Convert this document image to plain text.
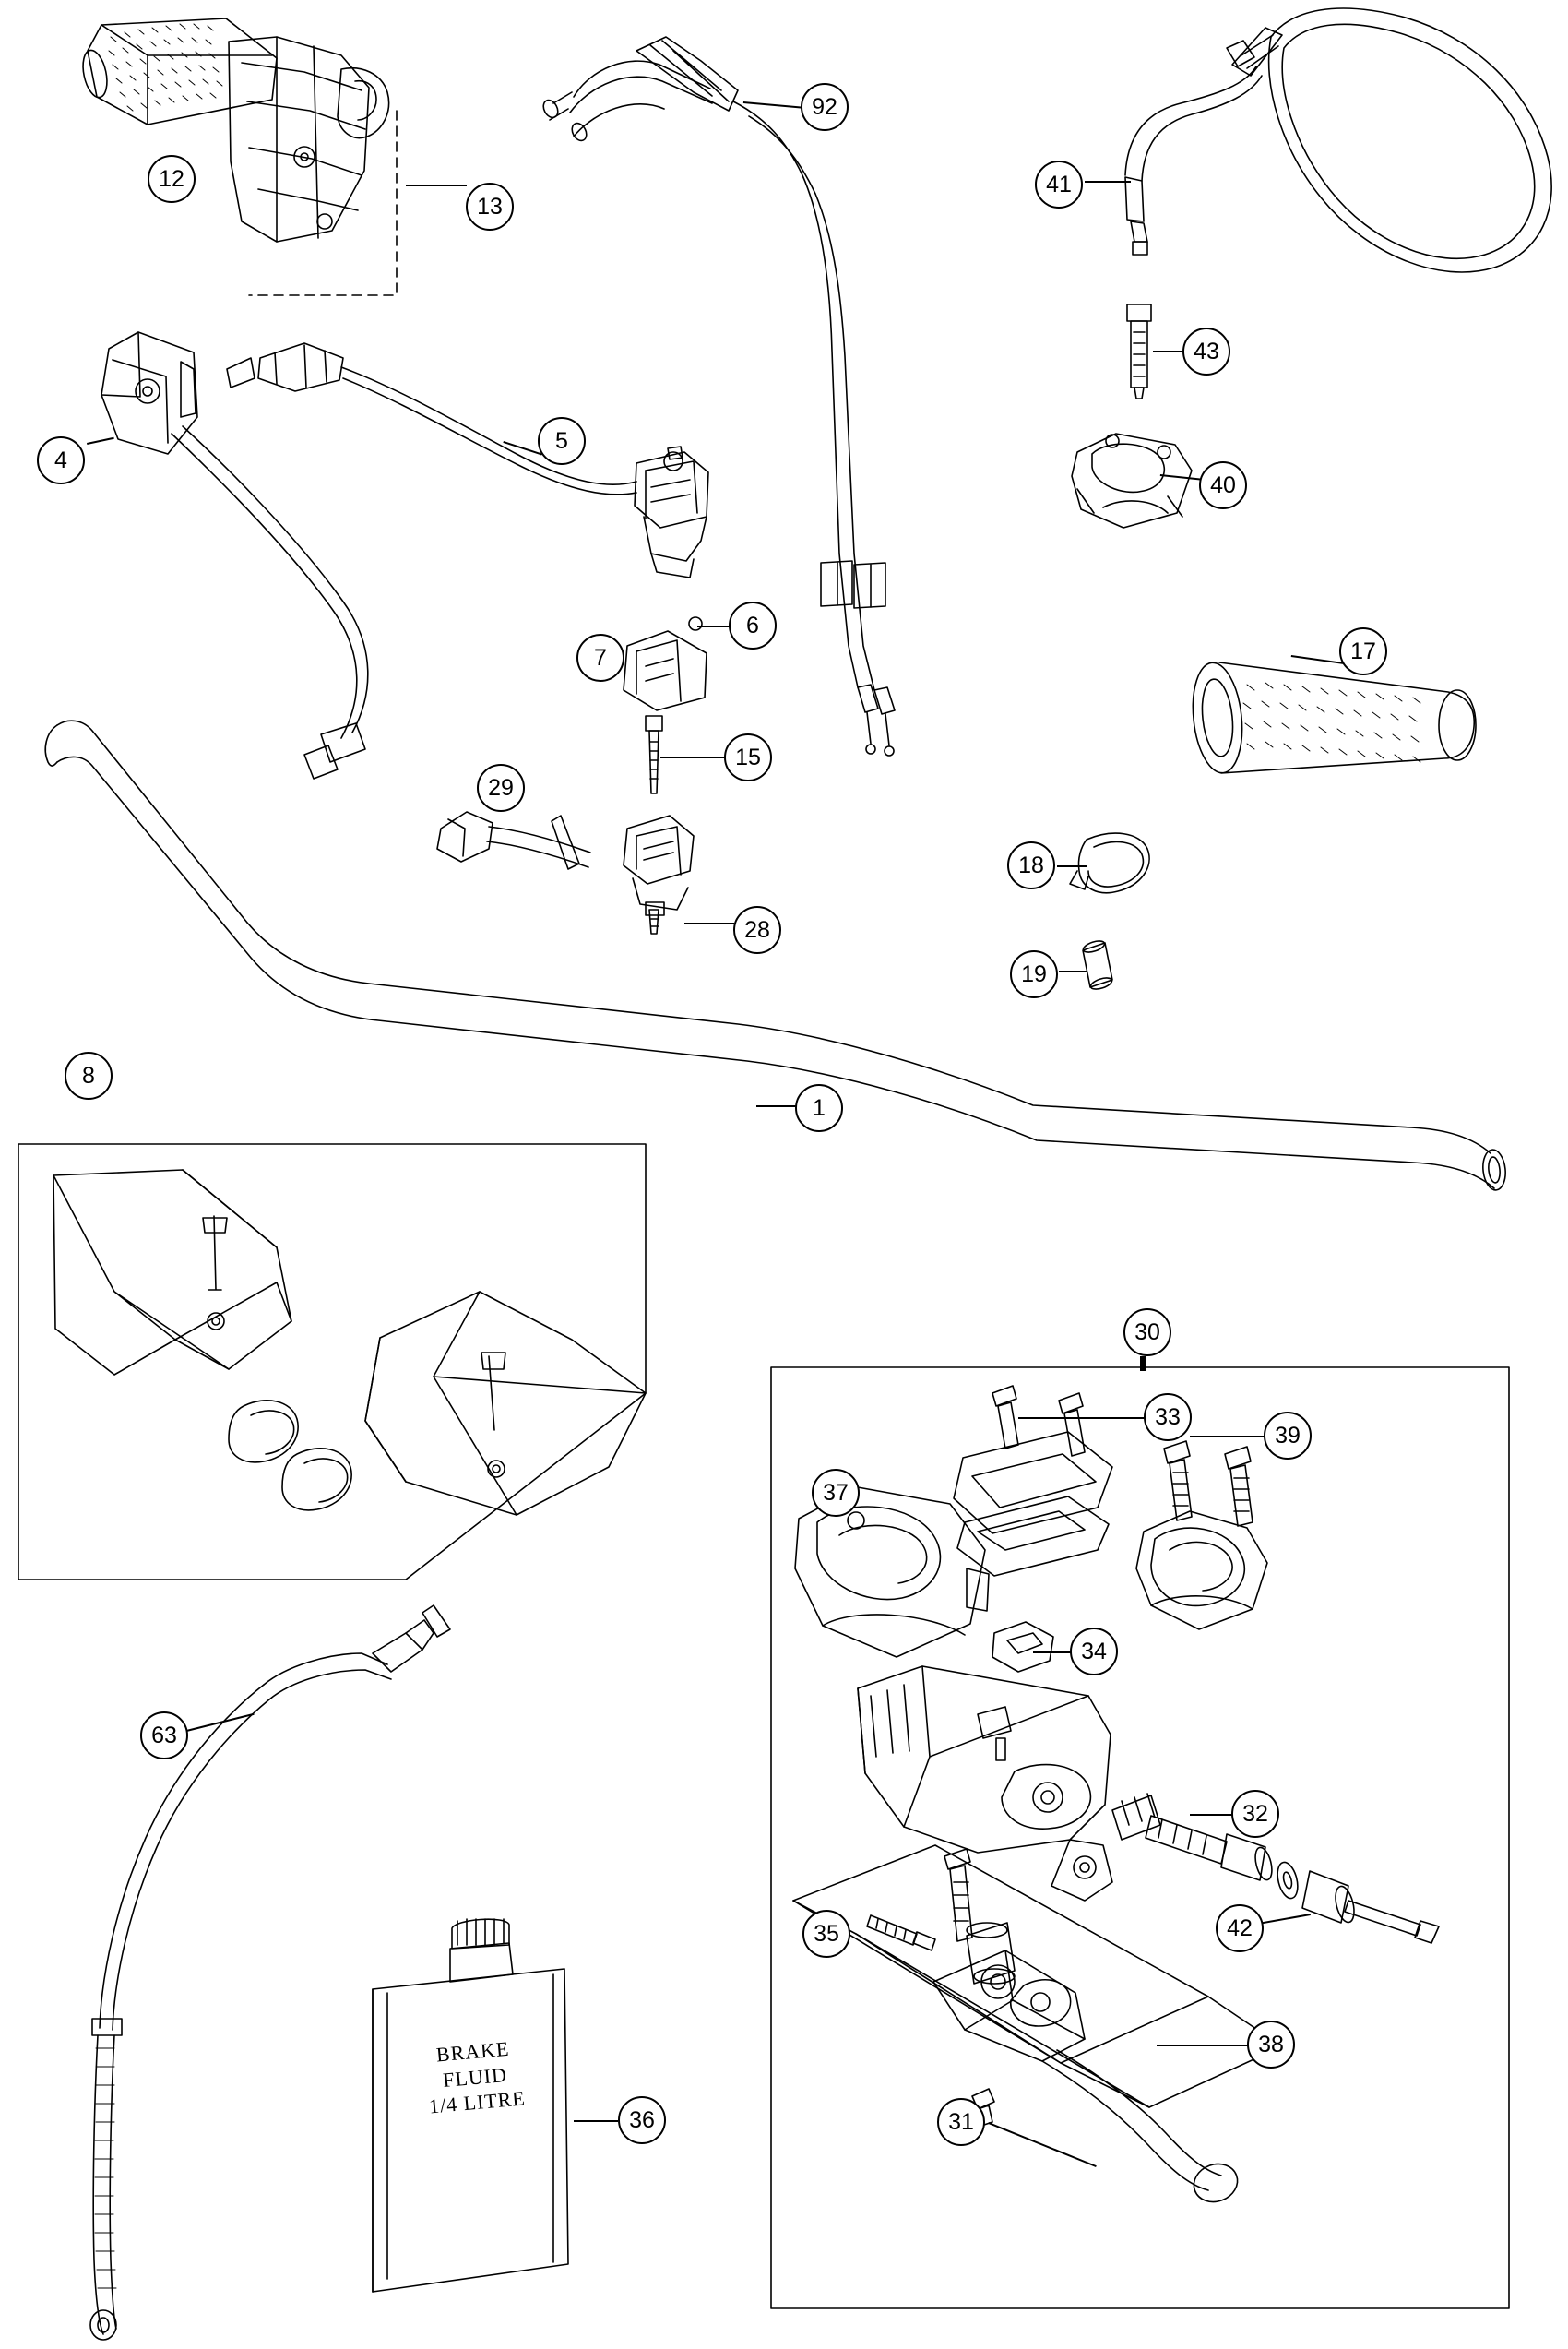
BRAKE
FLUID
1/4 LITRE
12
13
92
41
43
4
5
40
6
7	17
15
29
18
28
19
1
8
30
33
39
37
34
63
32
42
35
38
36	31
